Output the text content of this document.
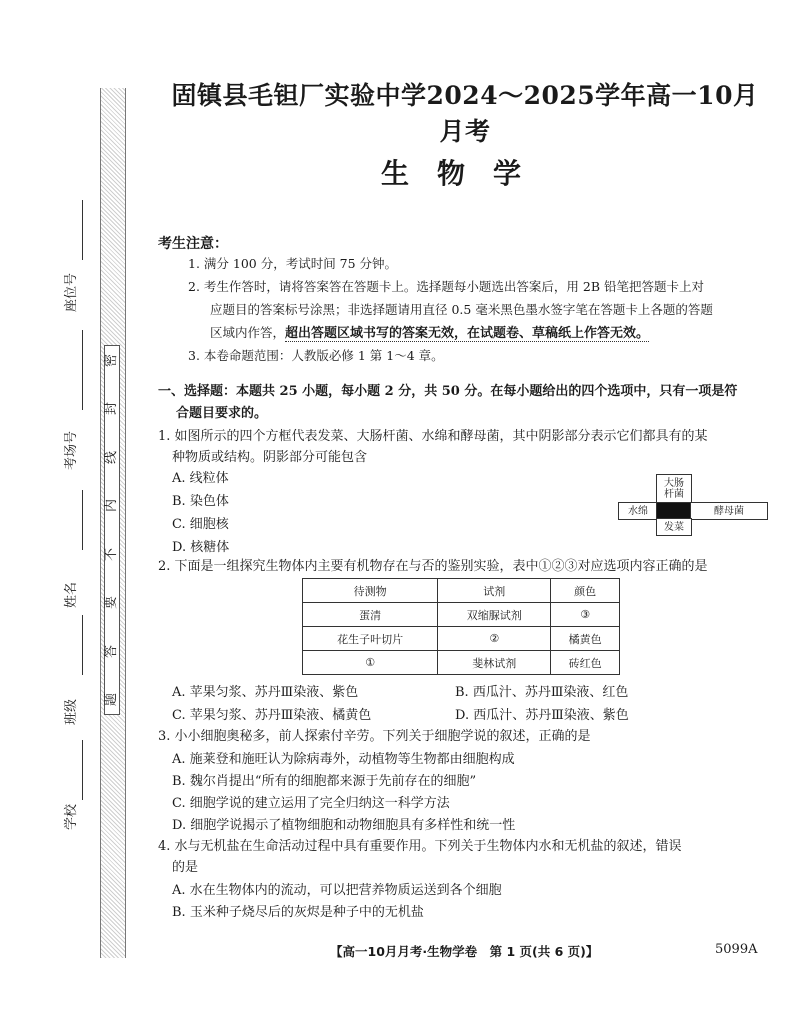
密
封
线
内
不
要
答
题
座位号
考场号
姓名
班级
学校
固镇县毛钽厂实验中学2024～2025学年高一10月月考
生物学
考生注意：
1. 满分 100 分，考试时间 75 分钟。
2. 考生作答时，请将答案答在答题卡上。选择题每小题选出答案后，用 2B 铅笔把答题卡上对
应题目的答案标号涂黑；非选择题请用直径 0.5 毫米黑色墨水签字笔在答题卡上各题的答题
区域内作答，超出答题区域书写的答案无效，在试题卷、草稿纸上作答无效。
3. 本卷命题范围：人教版必修 1 第 1～4 章。
一、选择题：本题共 25 小题，每小题 2 分，共 50 分。在每小题给出的四个选项中，只有一项是符
合题目要求的。
1. 如图所示的四个方框代表发菜、大肠杆菌、水绵和酵母菌，其中阴影部分表示它们都具有的某
种物质或结构。阴影部分可能包含
A. 线粒体
B. 染色体
C. 细胞核
D. 核糖体
大肠
杆菌
水绵	酵母菌
发菜
2. 下面是一组探究生物体内主要有机物存在与否的鉴别实验，表中①②③对应选项内容正确的是
待测物	试剂	颜色
蛋清	双缩脲试剂	③
花生子叶切片	②	橘黄色
①	斐林试剂	砖红色
A. 苹果匀浆、苏丹Ⅲ染液、紫色	B. 西瓜汁、苏丹Ⅲ染液、红色
C. 苹果匀浆、苏丹Ⅲ染液、橘黄色	D. 西瓜汁、苏丹Ⅲ染液、紫色
3. 小小细胞奥秘多，前人探索付辛劳。下列关于细胞学说的叙述，正确的是
A. 施莱登和施旺认为除病毒外，动植物等生物都由细胞构成
B. 魏尔肖提出“所有的细胞都来源于先前存在的细胞”
C. 细胞学说的建立运用了完全归纳这一科学方法
D. 细胞学说揭示了植物细胞和动物细胞具有多样性和统一性
4. 水与无机盐在生命活动过程中具有重要作用。下列关于生物体内水和无机盐的叙述，错误
的是
A. 水在生物体内的流动，可以把营养物质运送到各个细胞
B. 玉米种子烧尽后的灰烬是种子中的无机盐
【高一10月月考·生物学卷　第 1 页(共 6 页)】	5099A
